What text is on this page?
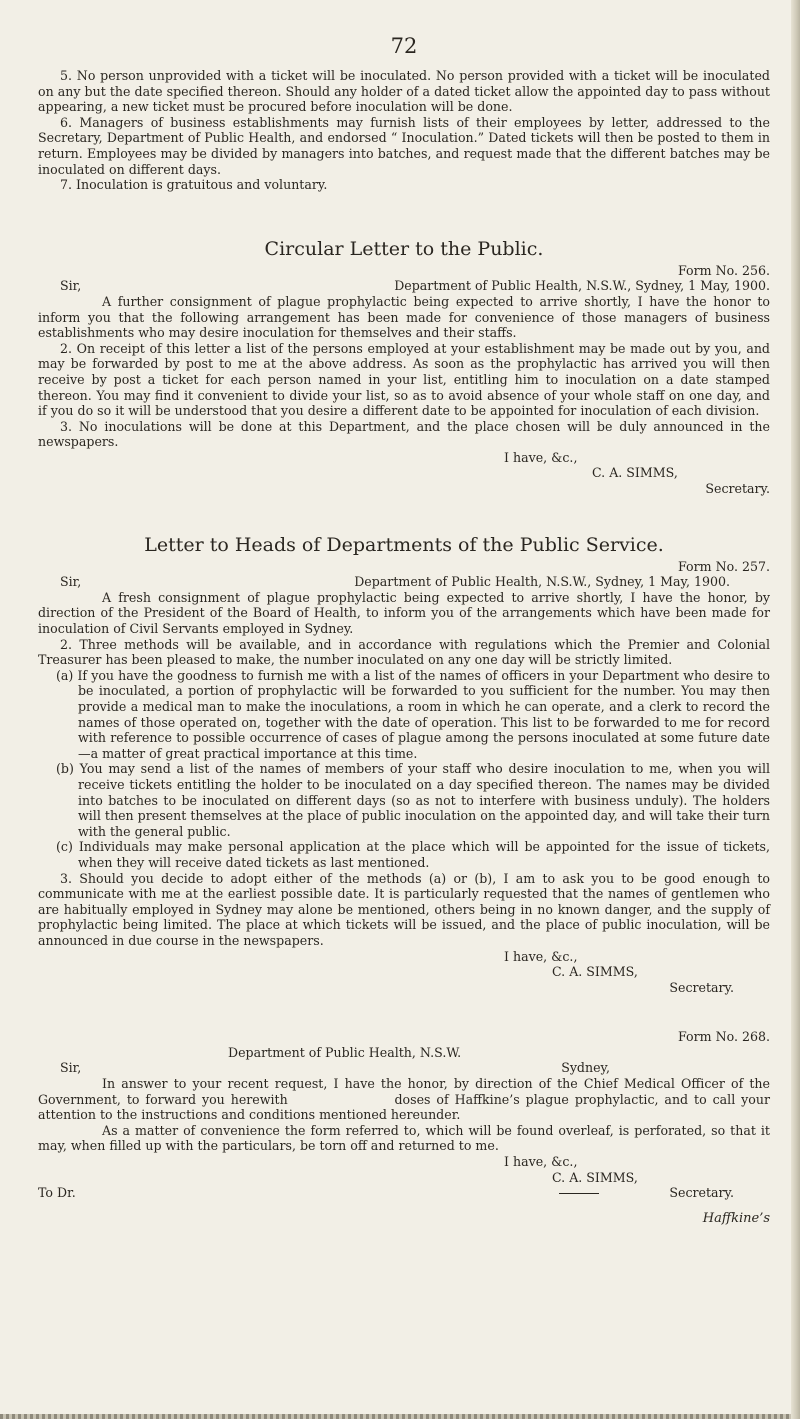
72

5. No person unprovided with a ticket will be inoculated. No person provided with a ticket will be inoculated on any but the date specified thereon. Should any holder of a dated ticket allow the appointed day to pass without appearing, a new ticket must be procured before inoculation will be done.

6. Managers of business establishments may furnish lists of their employees by letter, addressed to the Secretary, Department of Public Health, and endorsed “ Inoculation.” Dated tickets will then be posted to them in return. Employees may be divided by managers into batches, and request made that the different batches may be inoculated on different days.

7. Inoculation is gratuitous and voluntary.

Circular Letter to the Public.

Form No. 256.

Sir,	Department of Public Health, N.S.W., Sydney, 1 May, 1900.

A further consignment of plague prophylactic being expected to arrive shortly, I have the honor to inform you that the following arrangement has been made for convenience of those managers of business establishments who may desire inoculation for themselves and their staffs.

2. On receipt of this letter a list of the persons employed at your establishment may be made out by you, and may be forwarded by post to me at the above address. As soon as the prophylactic has arrived you will then receive by post a ticket for each person named in your list, entitling him to inoculation on a date stamped thereon. You may find it convenient to divide your list, so as to avoid absence of your whole staff on one day, and if you do so it will be understood that you desire a different date to be appointed for inoculation of each division.

3. No inoculations will be done at this Department, and the place chosen will be duly announced in the newspapers.

I have, &c.,

C. A. SIMMS,

Secretary.

Letter to Heads of Departments of the Public Service.

Form No. 257.

Sir,	Department of Public Health, N.S.W., Sydney, 1 May, 1900.

A fresh consignment of plague prophylactic being expected to arrive shortly, I have the honor, by direction of the President of the Board of Health, to inform you of the arrangements which have been made for inoculation of Civil Servants employed in Sydney.

2. Three methods will be available, and in accordance with regulations which the Premier and Colonial Treasurer has been pleased to make, the number inoculated on any one day will be strictly limited.

(a) If you have the goodness to furnish me with a list of the names of officers in your Department who desire to be inoculated, a portion of prophylactic will be forwarded to you sufficient for the number. You may then provide a medical man to make the inoculations, a room in which he can operate, and a clerk to record the names of those operated on, together with the date of operation. This list to be forwarded to me for record with reference to possible occurrence of cases of plague among the persons inoculated at some future date—a matter of great practical importance at this time.

(b) You may send a list of the names of members of your staff who desire inoculation to me, when you will receive tickets entitling the holder to be inoculated on a day specified thereon. The names may be divided into batches to be inoculated on different days (so as not to interfere with business unduly). The holders will then present themselves at the place of public inoculation on the appointed day, and will take their turn with the general public.

(c) Individuals may make personal application at the place which will be appointed for the issue of tickets, when they will receive dated tickets as last mentioned.

3. Should you decide to adopt either of the methods (a) or (b), I am to ask you to be good enough to communicate with me at the earliest possible date. It is particularly requested that the names of gentlemen who are habitually employed in Sydney may alone be mentioned, others being in no known danger, and the supply of prophylactic being limited. The place at which tickets will be issued, and the place of public inoculation, will be announced in due course in the newspapers.

I have, &c.,

C. A. SIMMS,

Secretary.

Form No. 268.

Department of Public Health, N.S.W.

Sir,	Sydney,

In answer to your recent request, I have the honor, by direction of the Chief Medical Officer of the Government, to forward you herewith                  doses of Haffkine’s plague prophylactic, and to call your attention to the instructions and conditions mentioned hereunder.

As a matter of convenience the form referred to, which will be found overleaf, is perforated, so that it may, when filled up with the particulars, be torn off and returned to me.

I have, &c.,

C. A. SIMMS,

To Dr.	Secretary.

Haffkine’s
